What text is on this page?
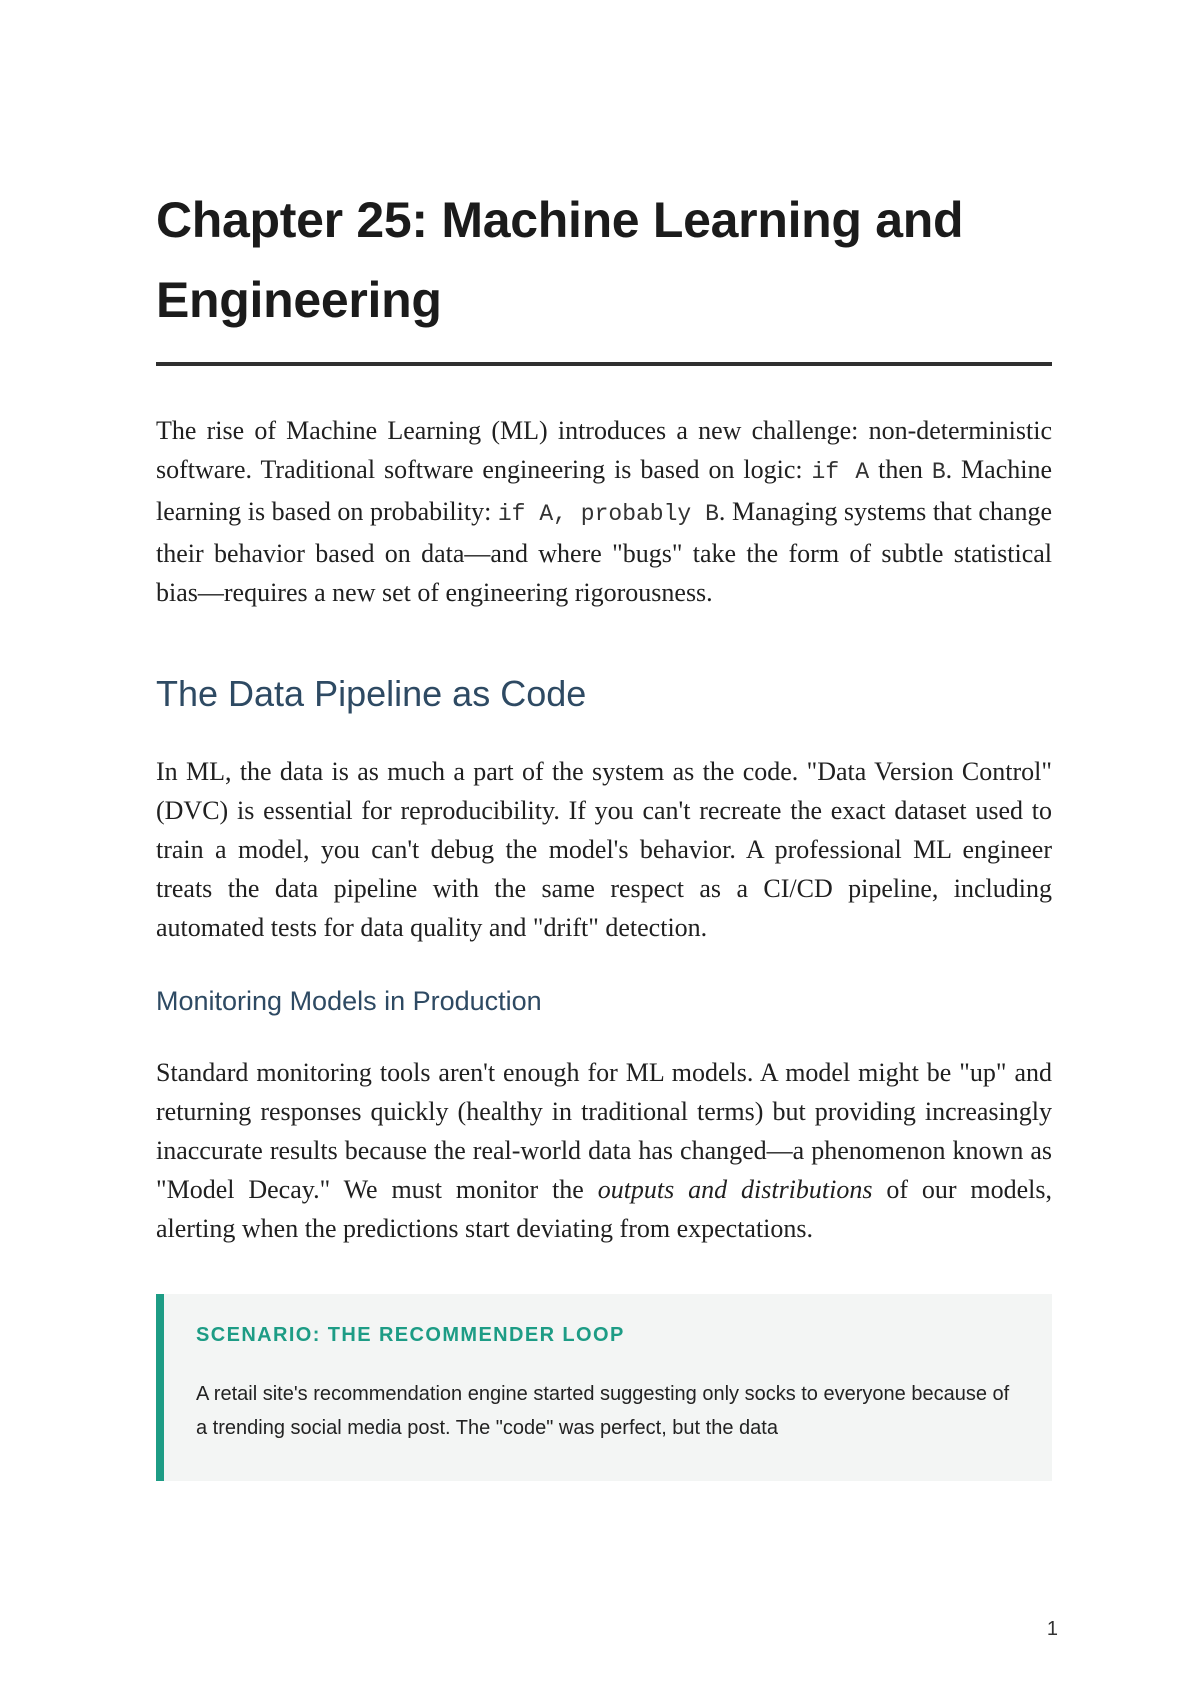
Chapter 25: Machine Learning and Engineering

The rise of Machine Learning (ML) introduces a new challenge: non-deterministic software. Traditional software engineering is based on logic: if A then B. Machine learning is based on probability: if A, probably B. Managing systems that change their behavior based on data—and where "bugs" take the form of subtle statistical bias—requires a new set of engineering rigorousness.

The Data Pipeline as Code

In ML, the data is as much a part of the system as the code. "Data Version Control" (DVC) is essential for reproducibility. If you can't recreate the exact dataset used to train a model, you can't debug the model's behavior. A professional ML engineer treats the data pipeline with the same respect as a CI/CD pipeline, including automated tests for data quality and "drift" detection.

Monitoring Models in Production

Standard monitoring tools aren't enough for ML models. A model might be "up" and returning responses quickly (healthy in traditional terms) but providing increasingly inaccurate results because the real-world data has changed—a phenomenon known as "Model Decay." We must monitor the outputs and distributions of our models, alerting when the predictions start deviating from expectations.

SCENARIO: THE RECOMMENDER LOOP

A retail site's recommendation engine started suggesting only socks to everyone because of a trending social media post. The "code" was perfect, but the data

1
